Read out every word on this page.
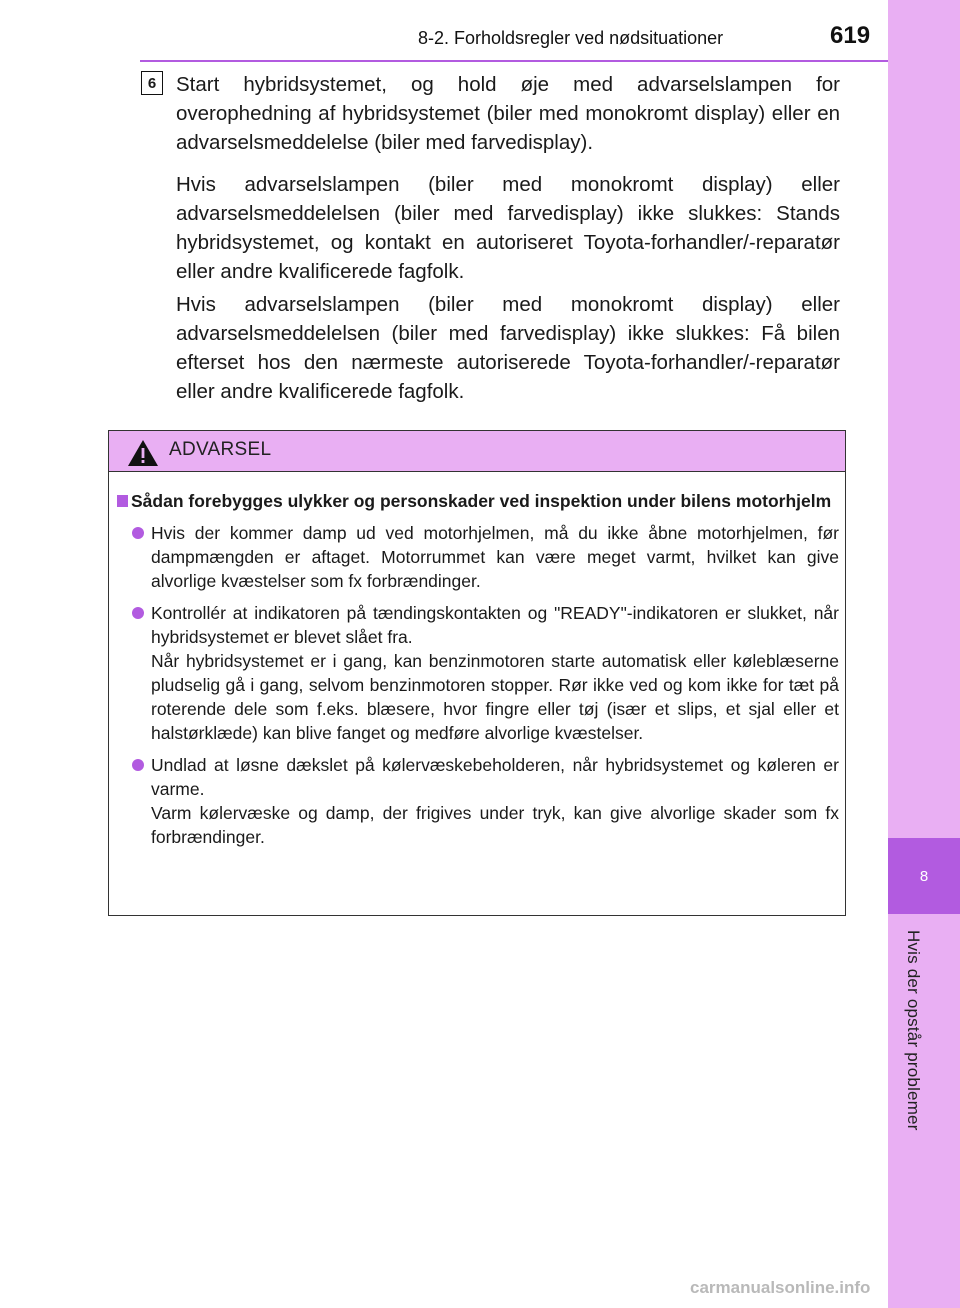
8
Hvis der opstår problemer
8-2. Forholdsregler ved nødsituationer	619
6 Start hybridsystemet, og hold øje med advarselslampen for overophedning af hybridsystemet (biler med monokromt display) eller en advarselsmeddelelse (biler med farvedisplay).

Hvis advarselslampen (biler med monokromt display) eller advarselsmeddelelsen (biler med farvedisplay) ikke slukkes: Stands hybridsystemet, og kontakt en autoriseret Toyota-forhandler/-reparatør eller andre kvalificerede fagfolk.

Hvis advarselslampen (biler med monokromt display) eller advarselsmeddelelsen (biler med farvedisplay) ikke slukkes: Få bilen efterset hos den nærmeste autoriserede Toyota-forhandler/-reparatør eller andre kvalificerede fagfolk.

ADVARSEL

Sådan forebygges ulykker og personskader ved inspektion under bilens motorhjelm

Hvis der kommer damp ud ved motorhjelmen, må du ikke åbne motorhjelmen, før dampmængden er aftaget. Motorrummet kan være meget varmt, hvilket kan give alvorlige kvæstelser som fx forbrændinger.

Kontrollér at indikatoren på tændingskontakten og "READY"-indikatoren er slukket, når hybridsystemet er blevet slået fra.

Når hybridsystemet er i gang, kan benzinmotoren starte automatisk eller køleblæserne pludselig gå i gang, selvom benzinmotoren stopper. Rør ikke ved og kom ikke for tæt på roterende dele som f.eks. blæsere, hvor fingre eller tøj (især et slips, et sjal eller et halstørklæde) kan blive fanget og medføre alvorlige kvæstelser.

Undlad at løsne dækslet på kølervæskebeholderen, når hybridsystemet og køleren er varme.

Varm kølervæske og damp, der frigives under tryk, kan give alvorlige skader som fx forbrændinger.

carmanualsonline.info
